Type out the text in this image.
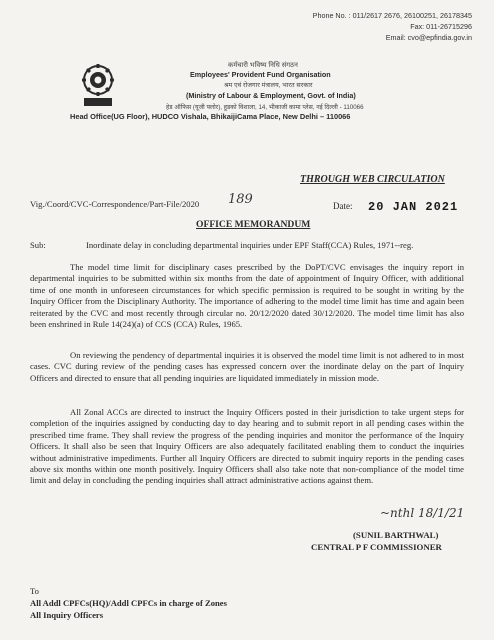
Phone No. : 011/2617 2676, 26100251, 26178345
Fax: 011-26715296
Email: cvo@epfindia.gov.in
कर्मचारी भविष्य निधि संगठन
Employees' Provident Fund Organisation
श्रम एवं रोजगार मंत्रालय, भारत सरकार
(Ministry of Labour & Employment, Govt. of India)
हेड ऑफिस (यूजी फ्लोर), हुडको विशाला, 14, भीकाजी कामा प्लेस, नई दिल्ली - 110066
Head Office(UG Floor), HUDCO Vishala, BhikaijiCama Place, New Delhi – 110066
THROUGH WEB CIRCULATION
Vig./Coord/CVC-Correspondence/Part-File/2020 189	Date: 20 JAN 2021
OFFICE MEMORANDUM
Sub:	Inordinate delay in concluding departmental inquiries under EPF Staff(CCA) Rules, 1971--reg.

The model time limit for disciplinary cases prescribed by the DoPT/CVC envisages the inquiry report in departmental inquiries to be submitted within six months from the date of appointment of Inquiry Officer, with additional time of one month in unforeseen circumstances for which specific permission is required to be sought in writing by the Inquiry Officer from the Disciplinary Authority. The importance of adhering to the model time limit has time and again been reiterated by the CVC and most recently through circular no. 20/12/2020 dated 30/12/2020. The model time limit has also been enshrined in Rule 14(24)(a) of CCS (CCA) Rules, 1965.

On reviewing the pendency of departmental inquiries it is observed the model time limit is not adhered to in most cases. CVC during review of the pending cases has expressed concern over the inordinate delay on the part of Inquiry Officers and directed to ensure that all pending inquiries are liquidated immediately in mission mode.

All Zonal ACCs are directed to instruct the Inquiry Officers posted in their jurisdiction to take urgent steps for completion of the inquiries assigned by conducting day to day hearing and to submit report in all pending cases within the prescribed time frame. They shall review the progress of the pending inquiries and monitor the performance of the Inquiry Officers. It shall also be seen that Inquiry Officers are also adequately facilitated enabling them to conduct the inquiries without administrative impediments. Further all Inquiry Officers are directed to submit inquiry reports in the pending cases above six months within one month positively. Inquiry Officers shall also take note that non-compliance of the model time limit and delay in concluding the pending inquiries shall attract administrative actions against them.

~nthl 18/1/21
(SUNIL BARTHWAL)
CENTRAL P F COMMISSIONER
To
All Addl CPFCs(HQ)/Addl CPFCs in charge of Zones
All Inquiry Officers
